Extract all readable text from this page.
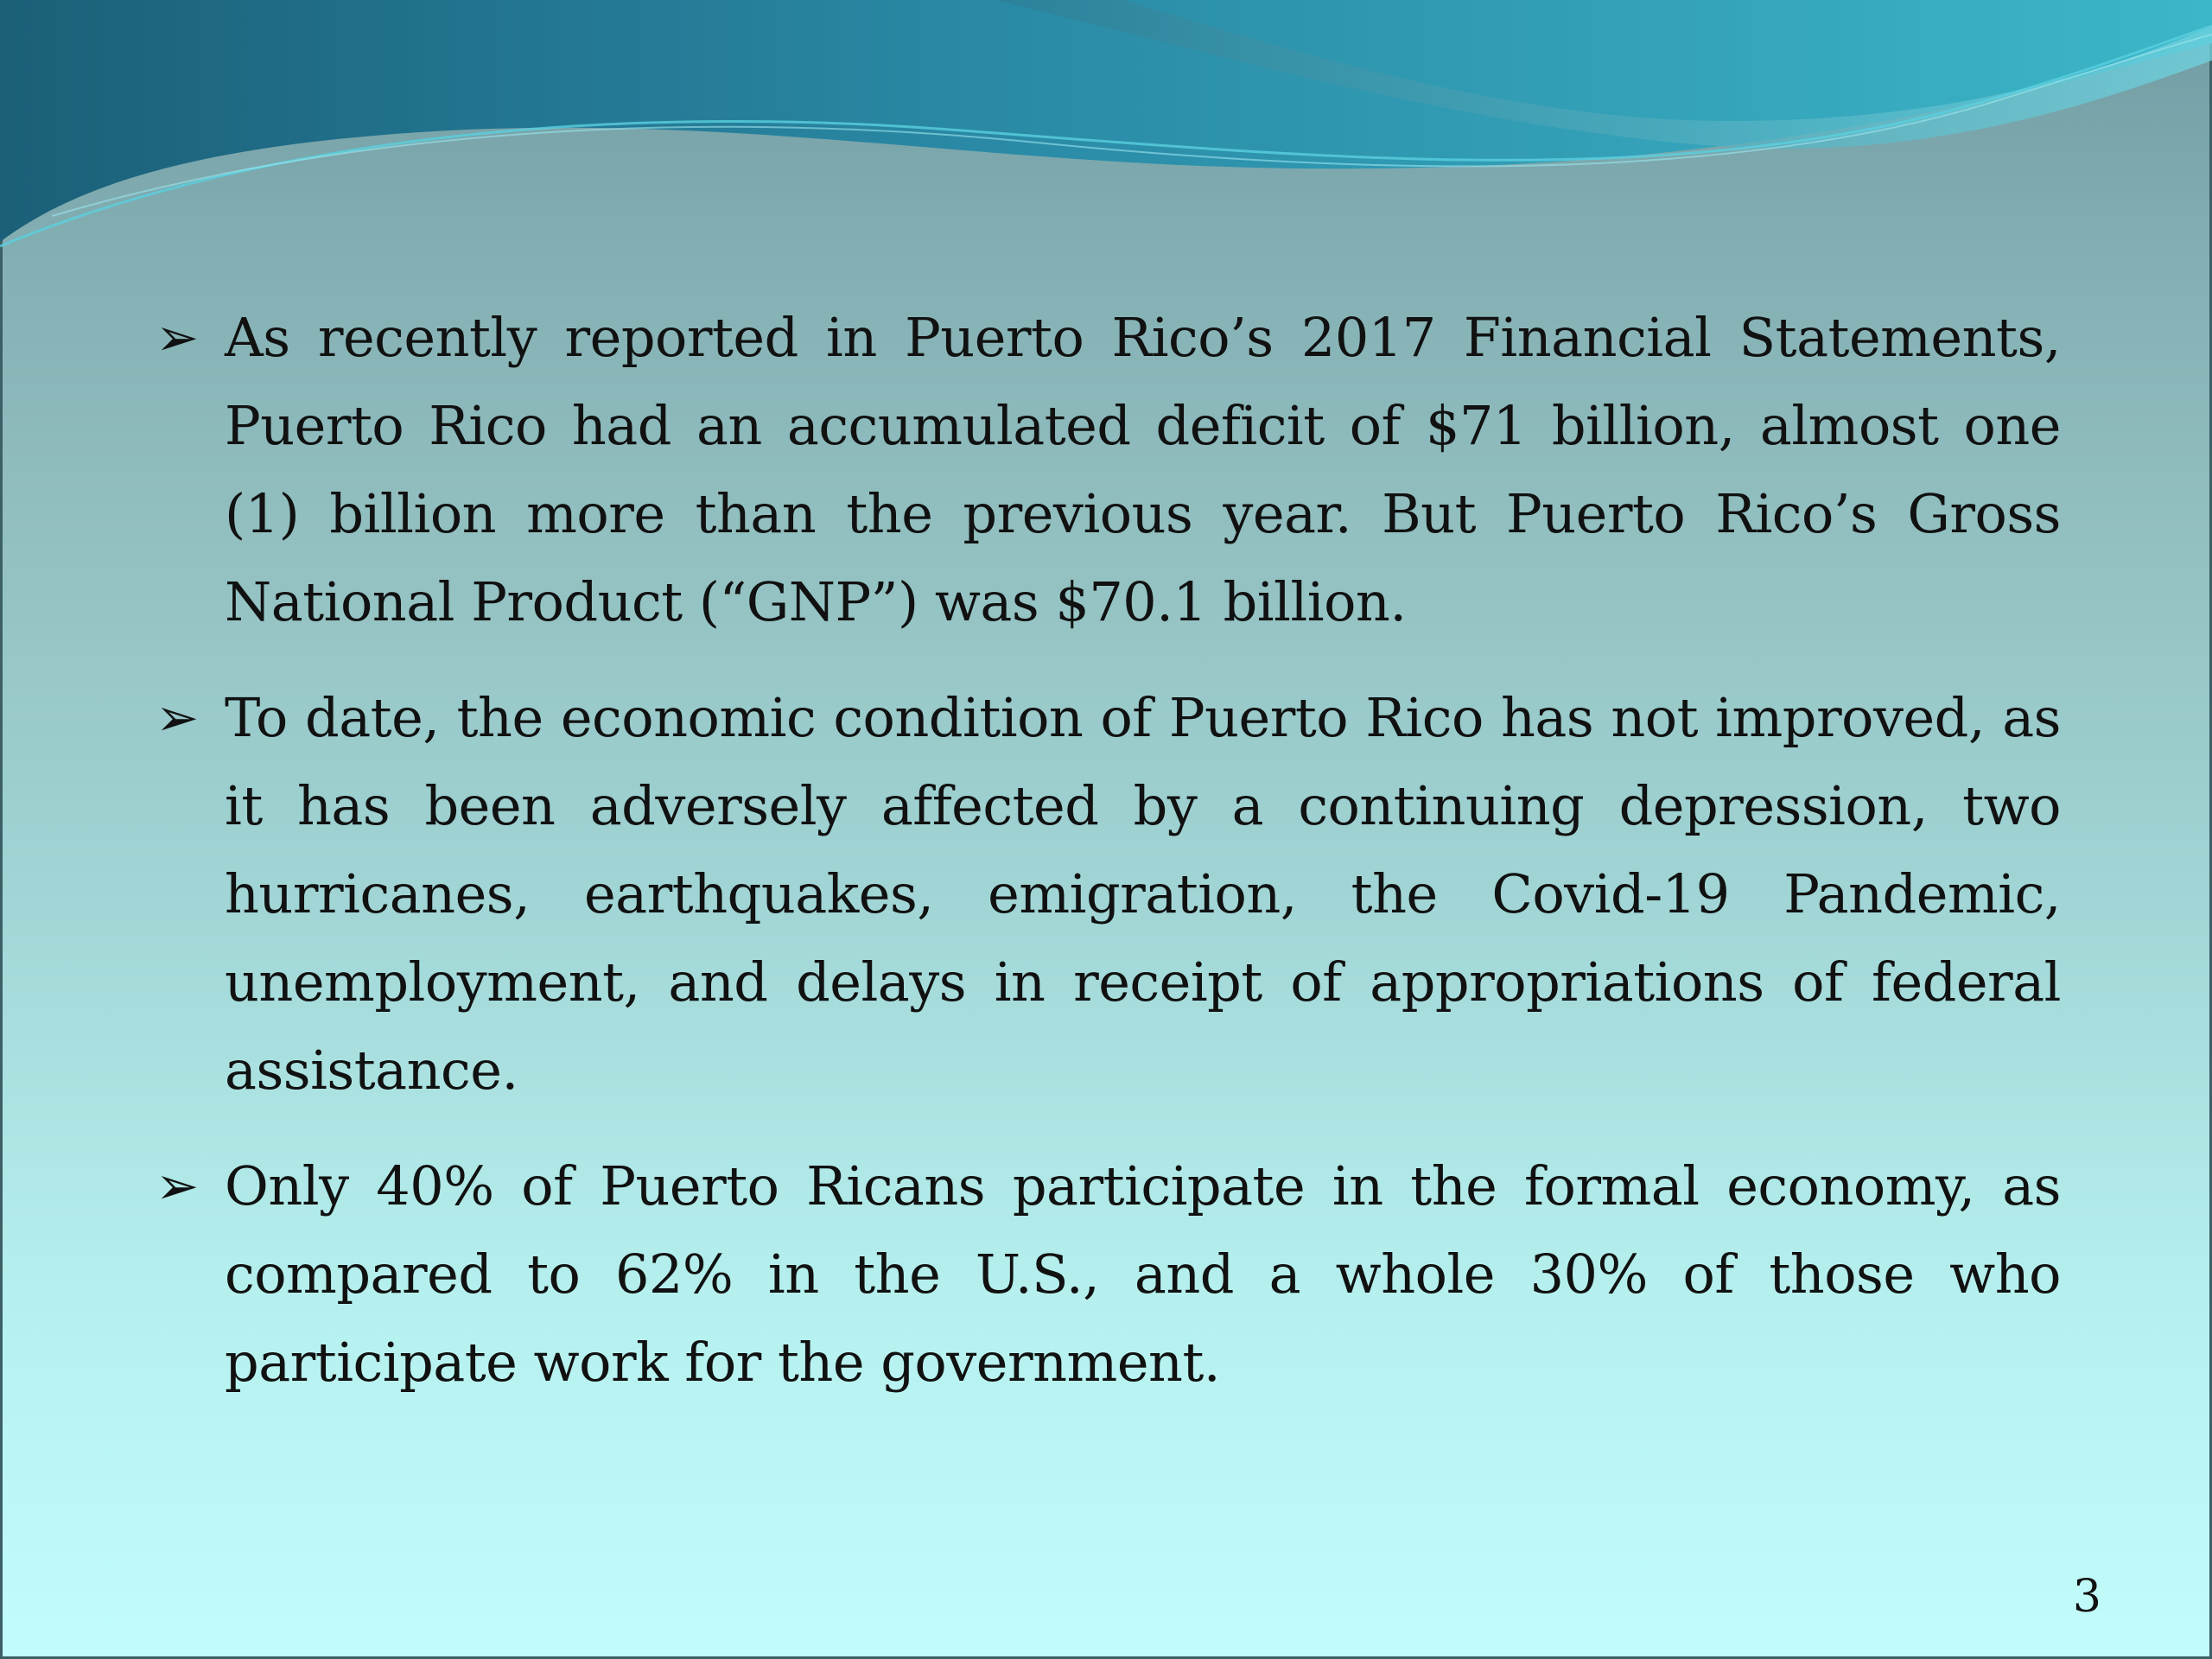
➢ As recently reported in Puerto Rico’s 2017 Financial Statements, Puerto Rico had an accumulated deficit of $71 billion, almost one (1) billion more than the previous year. But Puerto Rico’s Gross National Product (“GNP”) was $70.1 billion.
➢ To date, the economic condition of Puerto Rico has not improved, as it has been adversely affected by a continuing depression, two hurricanes, earthquakes, emigration, the Covid-19 Pandemic, unemployment, and delays in receipt of appropriations of federal assistance.
➢ Only 40% of Puerto Ricans participate in the formal economy, as compared to 62% in the U.S., and a whole 30% of those who participate work for the government.
3
